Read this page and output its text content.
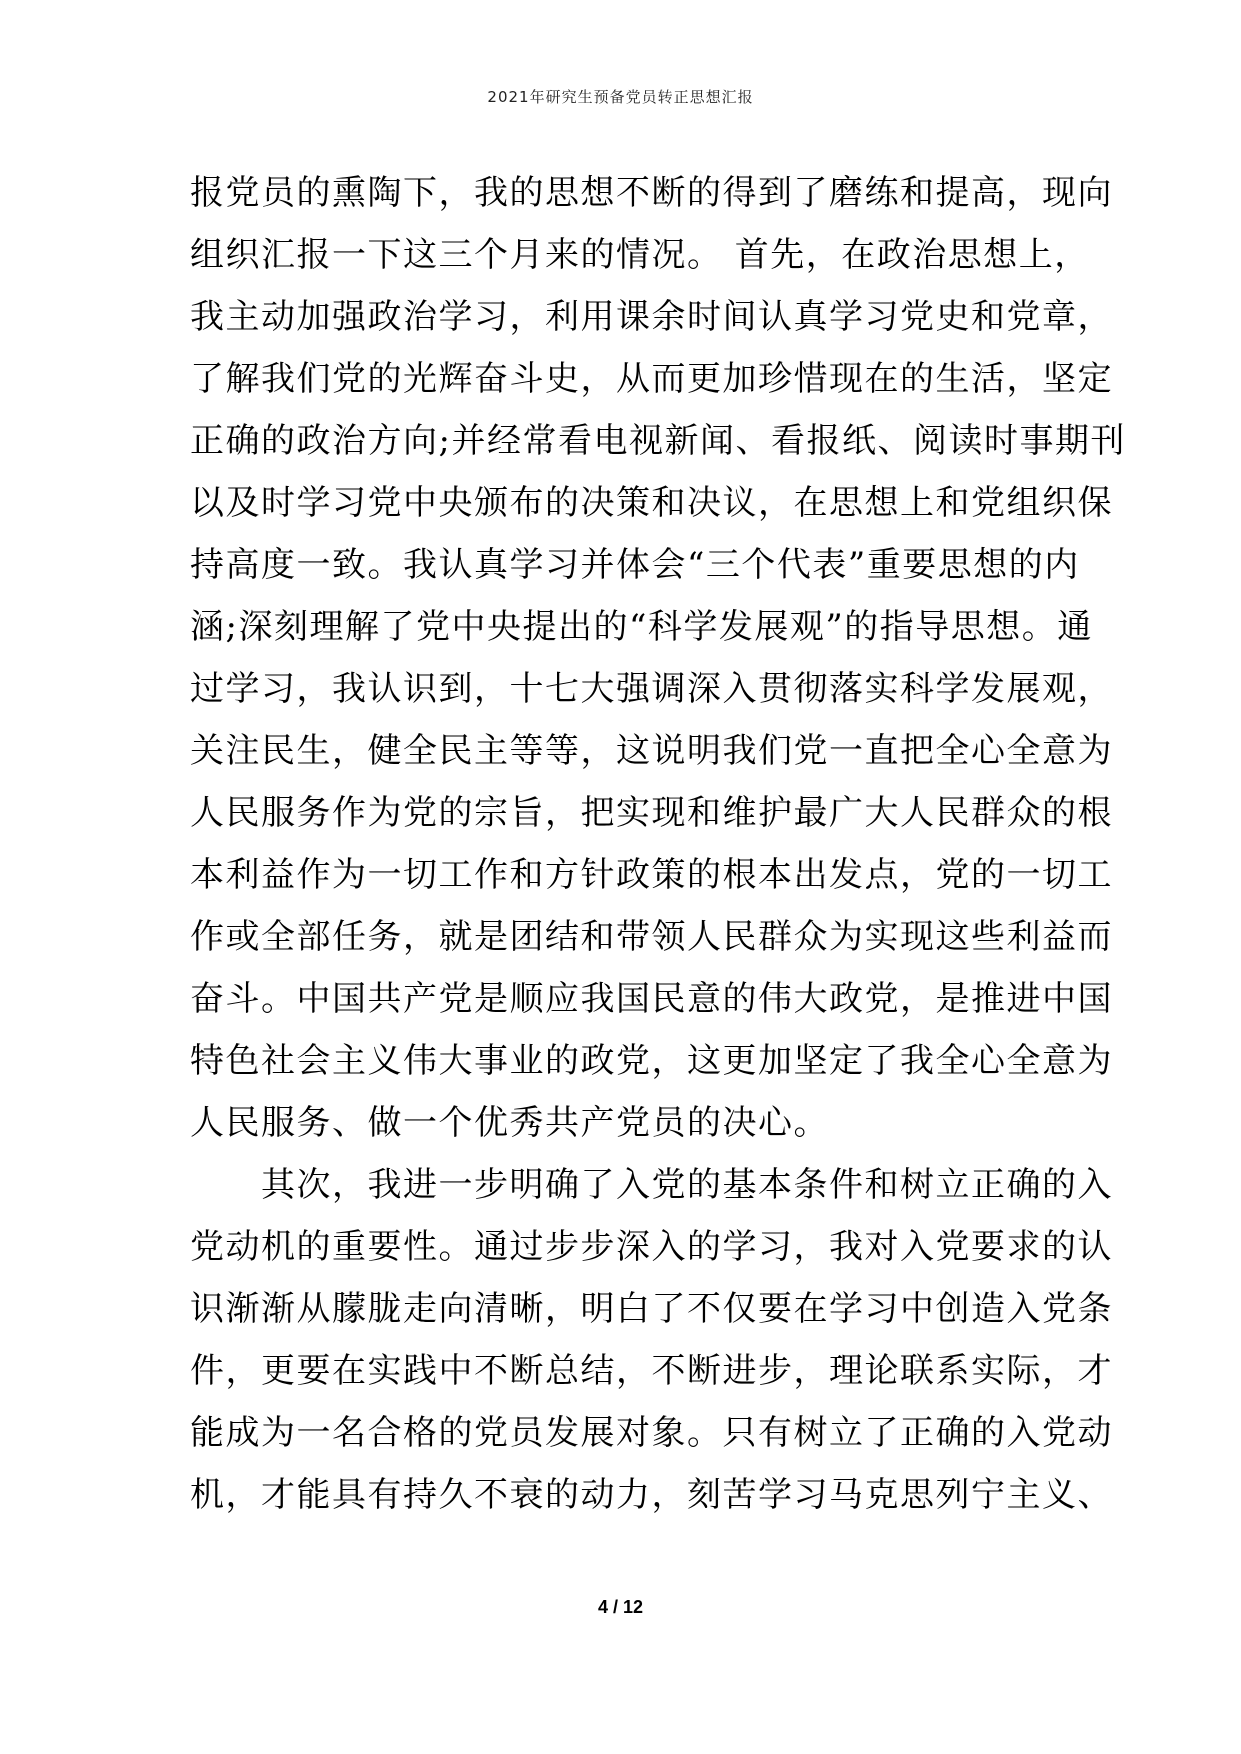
2021年研究生预备党员转正思想汇报
报党员的熏陶下，我的思想不断的得到了磨练和提高，现向
组织汇报一下这三个月来的情况。 首先，在政治思想上，
我主动加强政治学习，利用课余时间认真学习党史和党章，
了解我们党的光辉奋斗史，从而更加珍惜现在的生活，坚定
正确的政治方向;并经常看电视新闻、看报纸、阅读时事期刊
以及时学习党中央颁布的决策和决议，在思想上和党组织保
持高度一致。我认真学习并体会“三个代表”重要思想的内
涵;深刻理解了党中央提出的“科学发展观”的指导思想。通
过学习，我认识到，十七大强调深入贯彻落实科学发展观，
关注民生，健全民主等等，这说明我们党一直把全心全意为
人民服务作为党的宗旨，把实现和维护最广大人民群众的根
本利益作为一切工作和方针政策的根本出发点，党的一切工
作或全部任务，就是团结和带领人民群众为实现这些利益而
奋斗。中国共产党是顺应我国民意的伟大政党，是推进中国
特色社会主义伟大事业的政党，这更加坚定了我全心全意为
人民服务、做一个优秀共产党员的决心。
　　其次，我进一步明确了入党的基本条件和树立正确的入
党动机的重要性。通过步步深入的学习，我对入党要求的认
识渐渐从朦胧走向清晰，明白了不仅要在学习中创造入党条
件，更要在实践中不断总结，不断进步，理论联系实际，才
能成为一名合格的党员发展对象。只有树立了正确的入党动
机，才能具有持久不衰的动力，刻苦学习马克思列宁主义、
4 / 12
